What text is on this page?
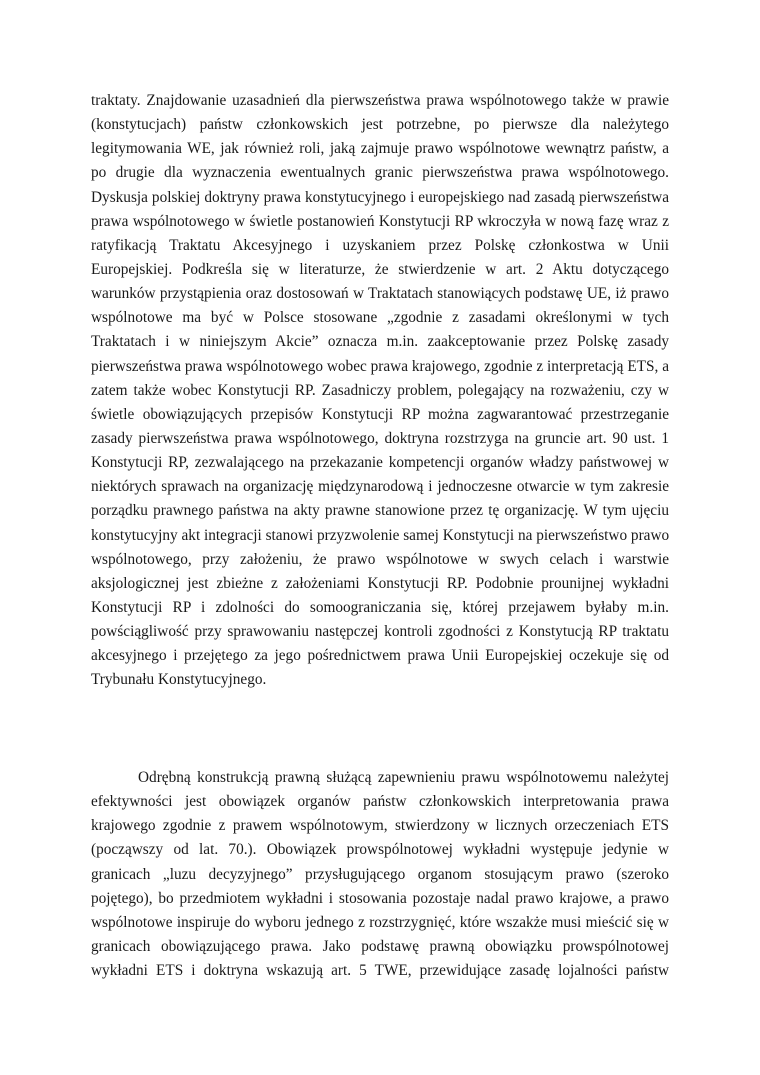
traktaty. Znajdowanie uzasadnień dla pierwszeństwa prawa wspólnotowego także w prawie
(konstytucjach) państw członkowskich jest potrzebne, po pierwsze dla należytego
legitymowania WE, jak również roli, jaką zajmuje prawo wspólnotowe wewnątrz państw, a
po drugie dla wyznaczenia ewentualnych granic pierwszeństwa prawa wspólnotowego.
Dyskusja polskiej doktryny prawa konstytucyjnego i europejskiego nad zasadą pierwszeństwa
prawa wspólnotowego w świetle postanowień Konstytucji RP wkroczyła w nową fazę wraz z
ratyfikacją Traktatu Akcesyjnego i uzyskaniem przez Polskę członkostwa w Unii
Europejskiej. Podkreśla się w literaturze, że stwierdzenie w art. 2 Aktu dotyczącego
warunków przystąpienia oraz dostosowań w Traktatach stanowiących podstawę UE, iż prawo
wspólnotowe ma być w Polsce stosowane „zgodnie z zasadami określonymi w tych
Traktatach i w niniejszym Akcie” oznacza m.in. zaakceptowanie przez Polskę zasady
pierwszeństwa prawa wspólnotowego wobec prawa krajowego, zgodnie z interpretacją ETS, a
zatem także wobec Konstytucji RP. Zasadniczy problem, polegający na rozważeniu, czy w
świetle obowiązujących przepisów Konstytucji RP można zagwarantować przestrzeganie
zasady pierwszeństwa prawa wspólnotowego, doktryna rozstrzyga na gruncie art. 90 ust. 1
Konstytucji RP, zezwalającego na przekazanie kompetencji organów władzy państwowej w
niektórych sprawach na organizację międzynarodową i jednoczesne otwarcie w tym zakresie
porządku prawnego państwa na akty prawne stanowione przez tę organizację. W tym ujęciu
konstytucyjny akt integracji stanowi przyzwolenie samej Konstytucji na pierwszeństwo prawo
wspólnotowego, przy założeniu, że prawo wspólnotowe w swych celach i warstwie
aksjologicznej jest zbieżne z założeniami Konstytucji RP. Podobnie prounijnej wykładni
Konstytucji RP i zdolności do somoograniczania się, której przejawem byłaby m.in.
powściągliwość przy sprawowaniu następczej kontroli zgodności z Konstytucją RP traktatu
akcesyjnego i przejętego za jego pośrednictwem prawa Unii Europejskiej oczekuje się od
Trybunału Konstytucyjnego.
Odrębną konstrukcją prawną służącą zapewnieniu prawu wspólnotowemu należytej
efektywności jest obowiązek organów państw członkowskich interpretowania prawa
krajowego zgodnie z prawem wspólnotowym, stwierdzony w licznych orzeczeniach ETS
(począwszy od lat. 70.). Obowiązek prowspólnotowej wykładni występuje jedynie w
granicach „luzu decyzyjnego” przysługującego organom stosującym prawo (szeroko
pojętego), bo przedmiotem wykładni i stosowania pozostaje nadal prawo krajowe, a prawo
wspólnotowe inspiruje do wyboru jednego z rozstrzygnięć, które wszakże musi mieścić się w
granicach obowiązującego prawa. Jako podstawę prawną obowiązku prowspólnotowej
wykładni ETS i doktryna wskazują art. 5 TWE, przewidujące zasadę lojalności państw
